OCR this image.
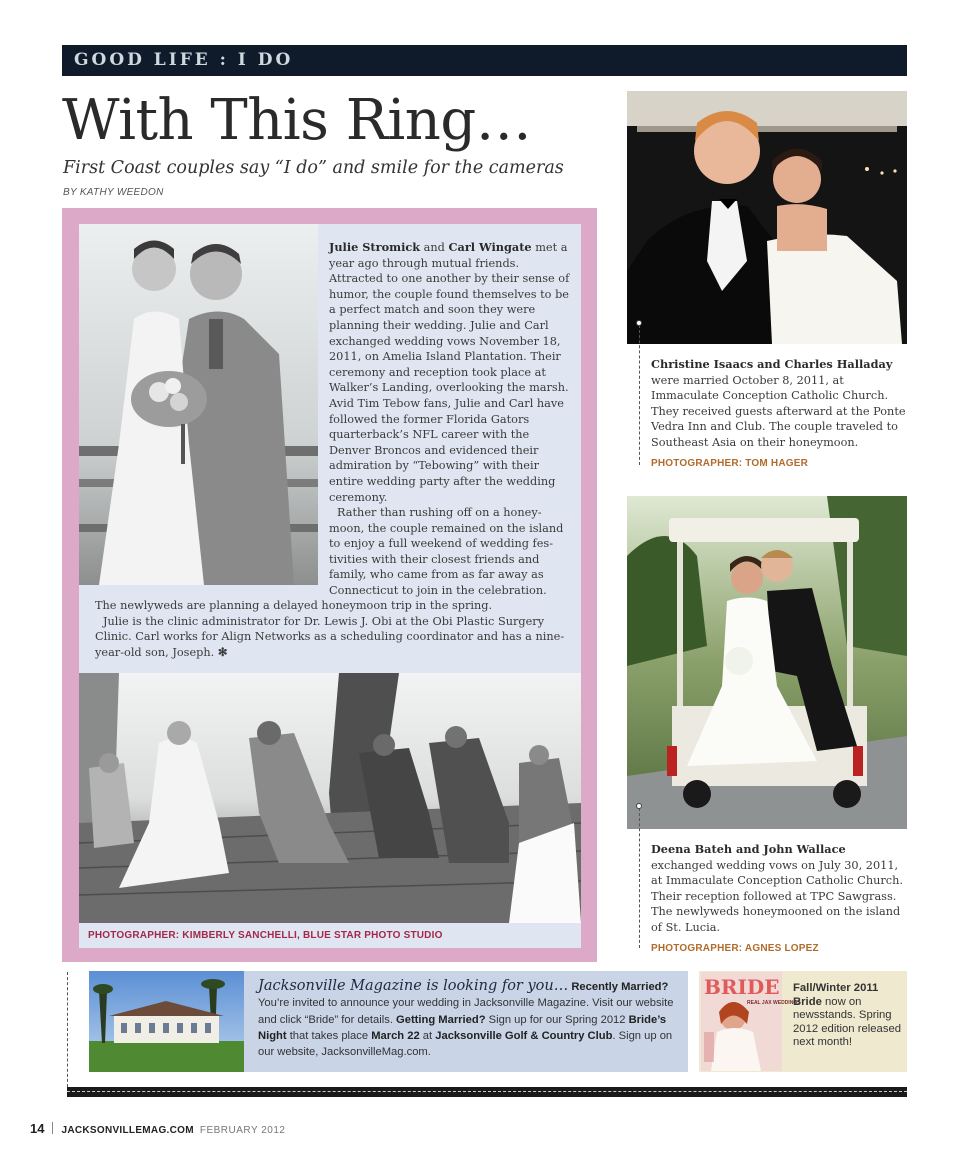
GOOD LIFE : I DO
With This Ring…
First Coast couples say “I do” and smile for the cameras
BY KATHY WEEDON

Julie Stromick and Carl Wingate met a year ago through mutual friends. Attracted to one another by their sense of humor, the couple found themselves to be a perfect match and soon they were planning their wedding. Julie and Carl exchanged wedding vows November 18, 2011, on Amelia Island Plantation. Their ceremony and reception took place at Walker’s Landing, overlooking the marsh. Avid Tim Tebow fans, Julie and Carl have followed the former Florida Gators quarterback’s NFL career with the Denver Broncos and evidenced their admiration by “Tebowing” with their entire wedding party after the wedding ceremony.

Rather than rushing off on a honey-moon, the couple remained on the island to enjoy a full weekend of wedding fes-tivities with their closest friends and family, who came from as far away as Connecticut to join in the celebration.

The newlyweds are planning a delayed honeymoon trip in the spring.

Julie is the clinic administrator for Dr. Lewis J. Obi at the Obi Plastic Surgery Clinic. Carl works for Align Networks as a scheduling coordinator and has a nine-year-old son, Joseph. ✻

PHOTOGRAPHER: KIMBERLY SANCHELLI, BLUE STAR PHOTO STUDIO
Christine Isaacs and Charles Halladay were married October 8, 2011, at Immaculate Conception Catholic Church. They received guests afterward at the Ponte Vedra Inn and Club. The couple traveled to Southeast Asia on their honeymoon.
PHOTOGRAPHER: TOM HAGER
Deena Bateh and John Wallace exchanged wedding vows on July 30, 2011, at Immaculate Conception Catholic Church. Their reception followed at TPC Sawgrass. The newlyweds honeymooned on the island of St. Lucia.
PHOTOGRAPHER: AGNES LOPEZ
Jacksonville Magazine is looking for you… Recently Married? You’re invited to announce your wedding in Jacksonville Magazine. Visit our website and click “Bride” for details. Getting Married? Sign up for our Spring 2012 Bride’s Night that takes place March 22 at Jacksonville Golf & Country Club. Sign up on our website, JacksonvilleMag.com.
BRIDE
REAL JAX WEDDINGS
Fall/Winter 2011
Bride now on newsstands. Spring 2012 edition released next month!
14 JACKSONVILLEMAG.COM FEBRUARY 2012
